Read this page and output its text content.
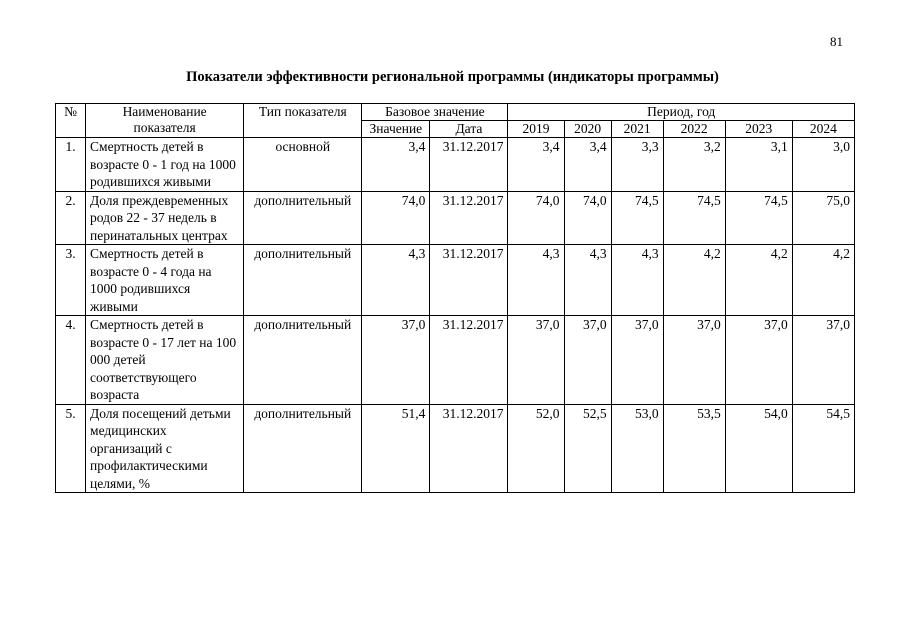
81
Показатели эффективности региональной программы (индикаторы программы)
№	Наименование показателя	Тип показателя	Базовое значение		Период, год					
			Значение	Дата	2019	2020	2021	2022	2023	2024
1.	Смертность детей в возрасте 0 - 1 год на 1000 родившихся живыми	основной	3,4	31.12.2017	3,4	3,4	3,3	3,2	3,1	3,0
2.	Доля преждевременных родов 22 - 37 недель в перинатальных центрах	дополнительный	74,0	31.12.2017	74,0	74,0	74,5	74,5	74,5	75,0
3.	Смертность детей в возрасте 0 - 4 года на 1000 родившихся живыми	дополнительный	4,3	31.12.2017	4,3	4,3	4,3	4,2	4,2	4,2
4.	Смертность детей в возрасте 0 - 17 лет на 100 000 детей соответствующего возраста	дополнительный	37,0	31.12.2017	37,0	37,0	37,0	37,0	37,0	37,0
5.	Доля посещений детьми медицинских организаций с профилактическими целями, %	дополнительный	51,4	31.12.2017	52,0	52,5	53,0	53,5	54,0	54,5
